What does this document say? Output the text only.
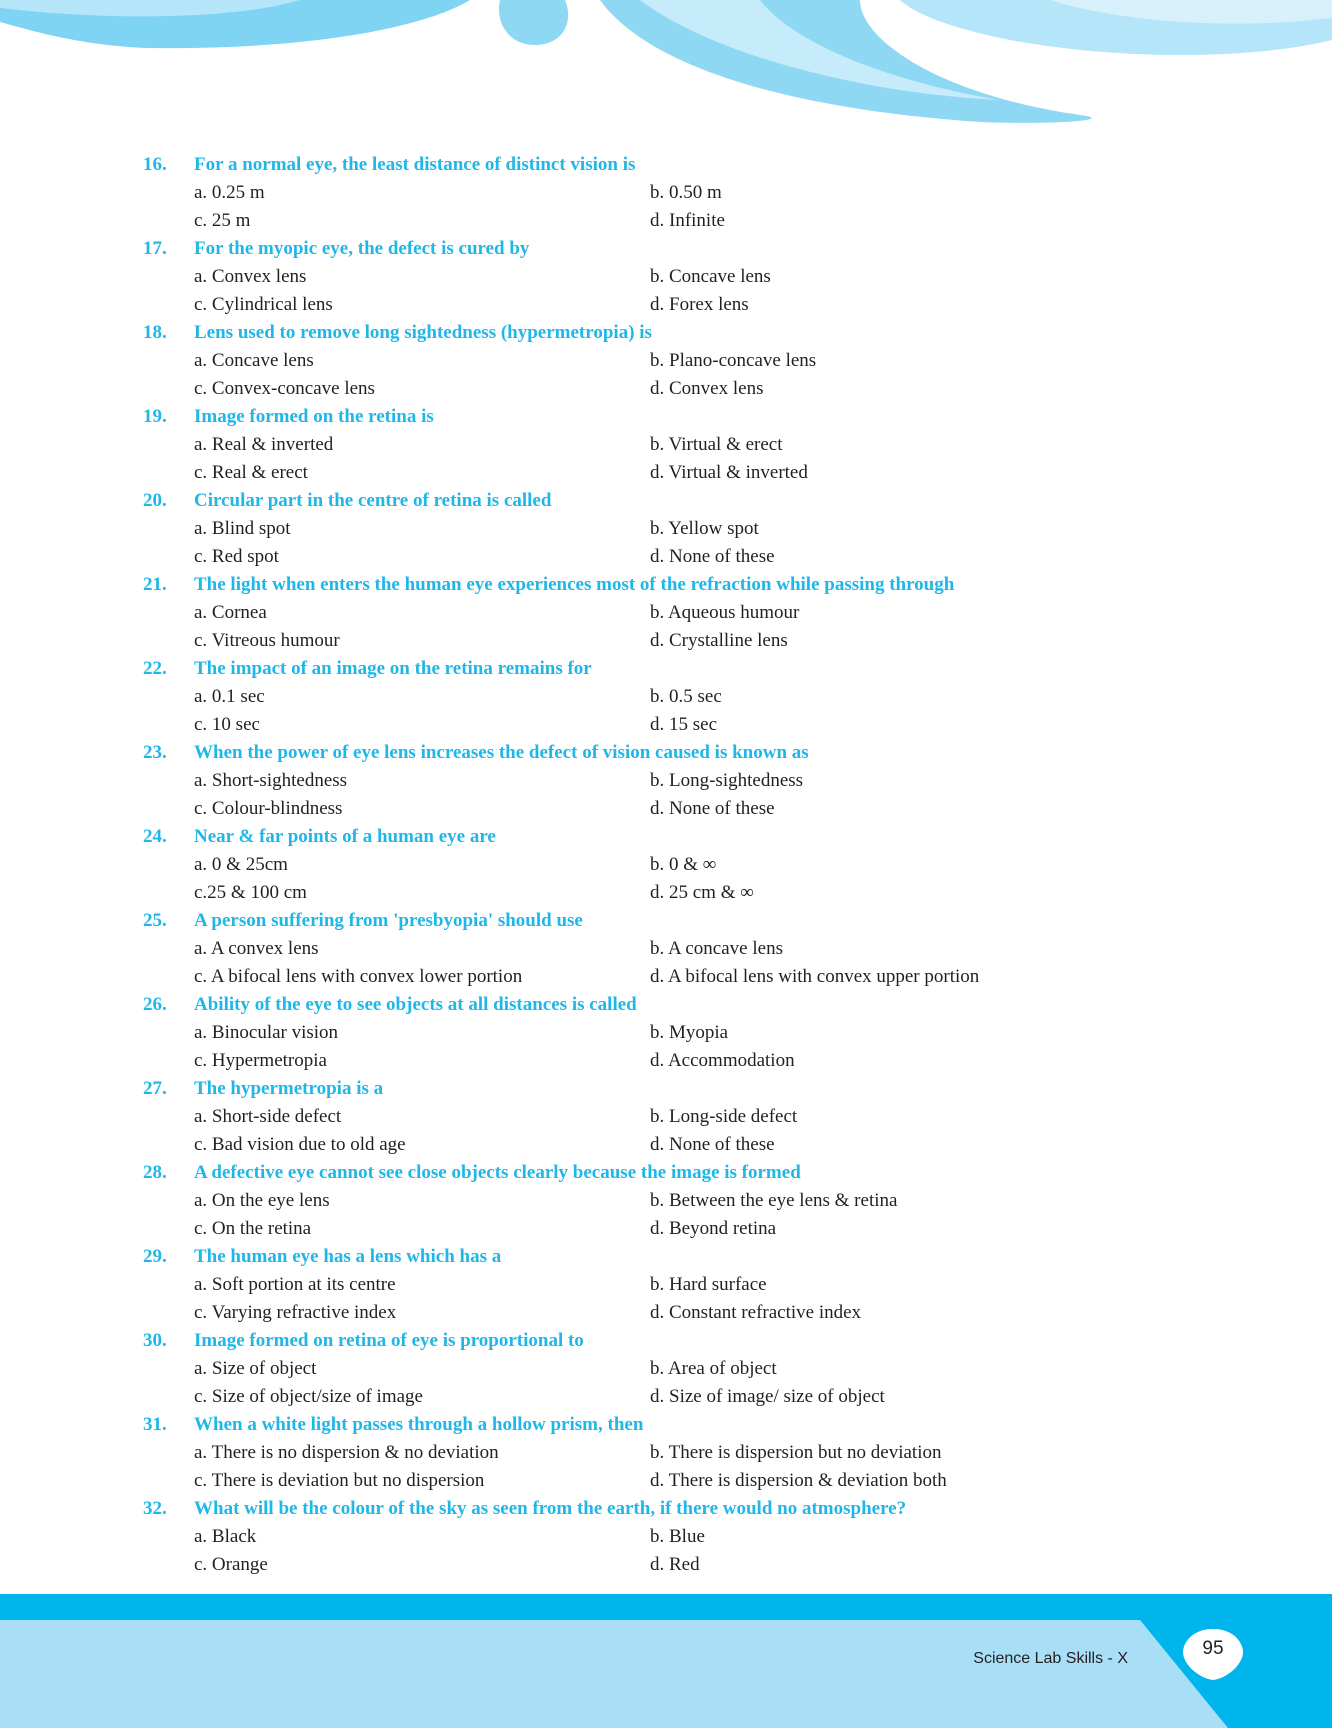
16. For a normal eye, the least distance of distinct vision is
a. 0.25 m	b. 0.50 m
c. 25 m	d. Infinite
17. For the myopic eye, the defect is cured by
a. Convex lens	b. Concave lens
c. Cylindrical lens	d. Forex lens
18. Lens used to remove long sightedness (hypermetropia) is
a. Concave lens	b. Plano-concave lens
c. Convex-concave lens	d. Convex lens
19. Image formed on the retina is
a. Real & inverted	b. Virtual & erect
c. Real & erect	d. Virtual & inverted
20. Circular part in the centre of retina is called
a. Blind spot	b. Yellow spot
c. Red spot	d. None of these
21. The light when enters the human eye experiences most of the refraction while passing through
a. Cornea	b. Aqueous humour
c. Vitreous humour	d. Crystalline lens
22. The impact of an image on the retina remains for
a. 0.1 sec	b. 0.5 sec
c. 10 sec	d. 15 sec
23. When the power of eye lens increases the defect of vision caused is known as
a. Short-sightedness	b. Long-sightedness
c. Colour-blindness	d. None of these
24. Near & far points of a human eye are
a. 0 & 25cm	b. 0 & ∞
c.25 & 100 cm	d. 25 cm & ∞
25. A person suffering from 'presbyopia' should use
a. A convex lens	b. A concave lens
c. A bifocal lens with convex lower portion	d. A bifocal lens with convex upper portion
26. Ability of the eye to see objects at all distances is called
a. Binocular vision	b. Myopia
c. Hypermetropia	d. Accommodation
27. The hypermetropia is a
a. Short-side defect	b. Long-side defect
c. Bad vision due to old age	d. None of these
28. A defective eye cannot see close objects clearly because the image is formed
a. On the eye lens	b. Between the eye lens & retina
c. On the retina	d. Beyond retina
29. The human eye has a lens which has a
a. Soft portion at its centre	b. Hard surface
c. Varying refractive index	d. Constant refractive index
30. Image formed on retina of eye is proportional to
a. Size of object	b. Area of object
c. Size of object/size of image	d. Size of image/ size of object
31. When a white light passes through a hollow prism, then
a. There is no dispersion & no deviation	b. There is dispersion but no deviation
c. There is deviation but no dispersion	d. There is dispersion & deviation both
32. What will be the colour of the sky as seen from the earth, if there would no atmosphere?
a. Black	b. Blue
c. Orange	d. Red
Science Lab Skills - X	95
